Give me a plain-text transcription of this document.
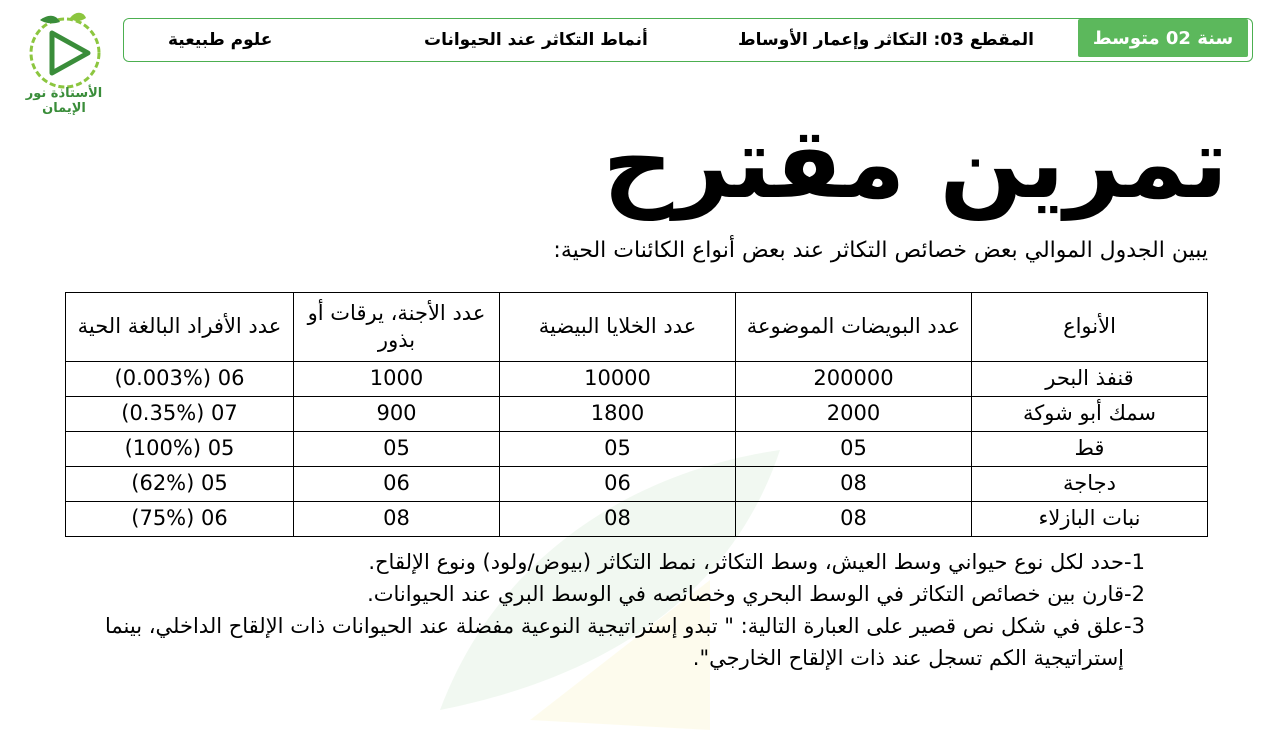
الأستاذة نور الإيمان
علوم طبيعية	أنماط التكاثر عند الحيوانات	المقطع 03: التكاثر وإعمار الأوساط	سنة 02 متوسط
تمرين مقترح
يبين الجدول الموالي بعض خصائص التكاثر عند بعض أنواع الكائنات الحية:
الأنواع	عدد البويضات الموضوعة	عدد الخلايا البيضية	عدد الأجنة، يرقات أو بذور	عدد الأفراد البالغة الحية
قنفذ البحر	200000	10000	1000	06 (0.003%)
سمك أبو شوكة	2000	1800	900	07 (0.35%)
قط	05	05	05	05 (100%)
دجاجة	08	06	06	05 (62%)
نبات البازلاء	08	08	08	06 (75%)
-1
حدد لكل نوع حيواني وسط العيش، وسط التكاثر، نمط التكاثر (بيوض/ولود) ونوع الإلقاح.
-2
قارن بين خصائص التكاثر في الوسط البحري وخصائصه في الوسط البري عند الحيوانات.
-3
علق في شكل نص قصير على العبارة التالية: " تبدو إستراتيجية النوعية مفضلة عند الحيوانات ذات الإلقاح الداخلي، بينما إستراتيجية الكم تسجل عند ذات الإلقاح الخارجي".
